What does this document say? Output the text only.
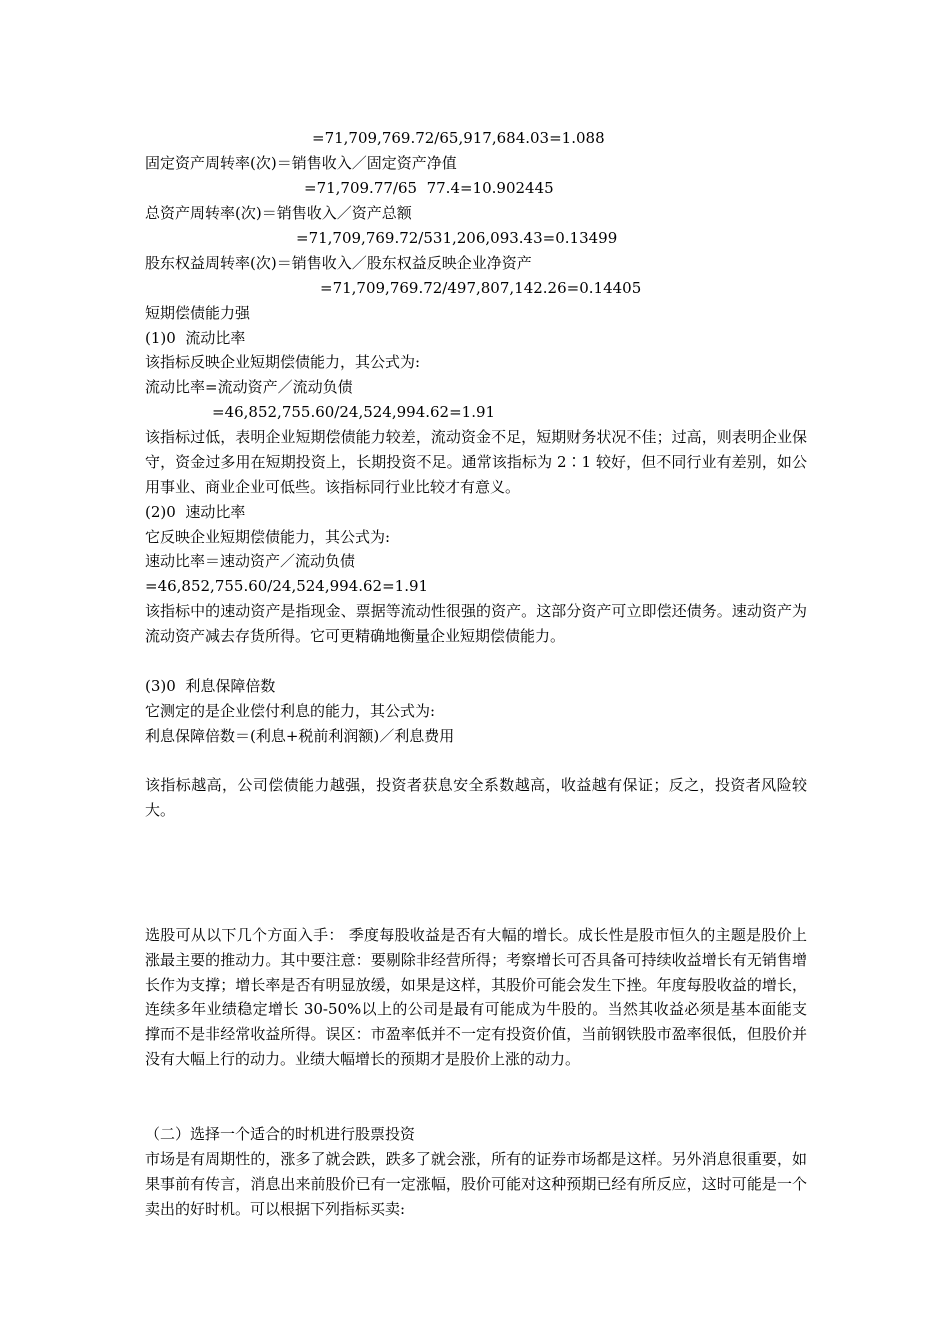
=71,709,769.72/65,917,684.03=1.088
固定资产周转率(次)＝销售收入／固定资产净值
=71,709.77/65  77.4=10.902445
总资产周转率(次)＝销售收入／资产总额
=71,709,769.72/531,206,093.43=0.13499
股东权益周转率(次)＝销售收入／股东权益反映企业净资产
=71,709,769.72/497,807,142.26=0.14405
短期偿债能力强
(1)0  流动比率
该指标反映企业短期偿债能力，其公式为:
流动比率=流动资产／流动负债
=46,852,755.60/24,524,994.62=1.91
该指标过低，表明企业短期偿债能力较差，流动资金不足，短期财务状况不佳；过高，则表明企业保守，资金过多用在短期投资上，长期投资不足。通常该指标为 2∶1 较好，但不同行业有差别，如公用事业、商业企业可低些。该指标同行业比较才有意义。
(2)0  速动比率
它反映企业短期偿债能力，其公式为:
速动比率＝速动资产／流动负债
=46,852,755.60/24,524,994.62=1.91
该指标中的速动资产是指现金、票据等流动性很强的资产。这部分资产可立即偿还债务。速动资产为流动资产减去存货所得。它可更精确地衡量企业短期偿债能力。
(3)0  利息保障倍数
它测定的是企业偿付利息的能力，其公式为:
利息保障倍数＝(利息+税前利润额)／利息费用
该指标越高，公司偿债能力越强，投资者获息安全系数越高，收益越有保证；反之，投资者风险较大。
选股可从以下几个方面入手： 季度每股收益是否有大幅的增长。成长性是股市恒久的主题是股价上涨最主要的推动力。其中要注意：要剔除非经营所得；考察增长可否具备可持续收益增长有无销售增长作为支撑；增长率是否有明显放缓，如果是这样，其股价可能会发生下挫。年度每股收益的增长，连续多年业绩稳定增长 30-50%以上的公司是最有可能成为牛股的。当然其收益必须是基本面能支撑而不是非经常收益所得。误区：市盈率低并不一定有投资价值，当前钢铁股市盈率很低，但股价并没有大幅上行的动力。业绩大幅增长的预期才是股价上涨的动力。
（二）选择一个适合的时机进行股票投资
市场是有周期性的，涨多了就会跌，跌多了就会涨，所有的证券市场都是这样。另外消息很重要，如果事前有传言，消息出来前股价已有一定涨幅，股价可能对这种预期已经有所反应，这时可能是一个卖出的好时机。可以根据下列指标买卖:
